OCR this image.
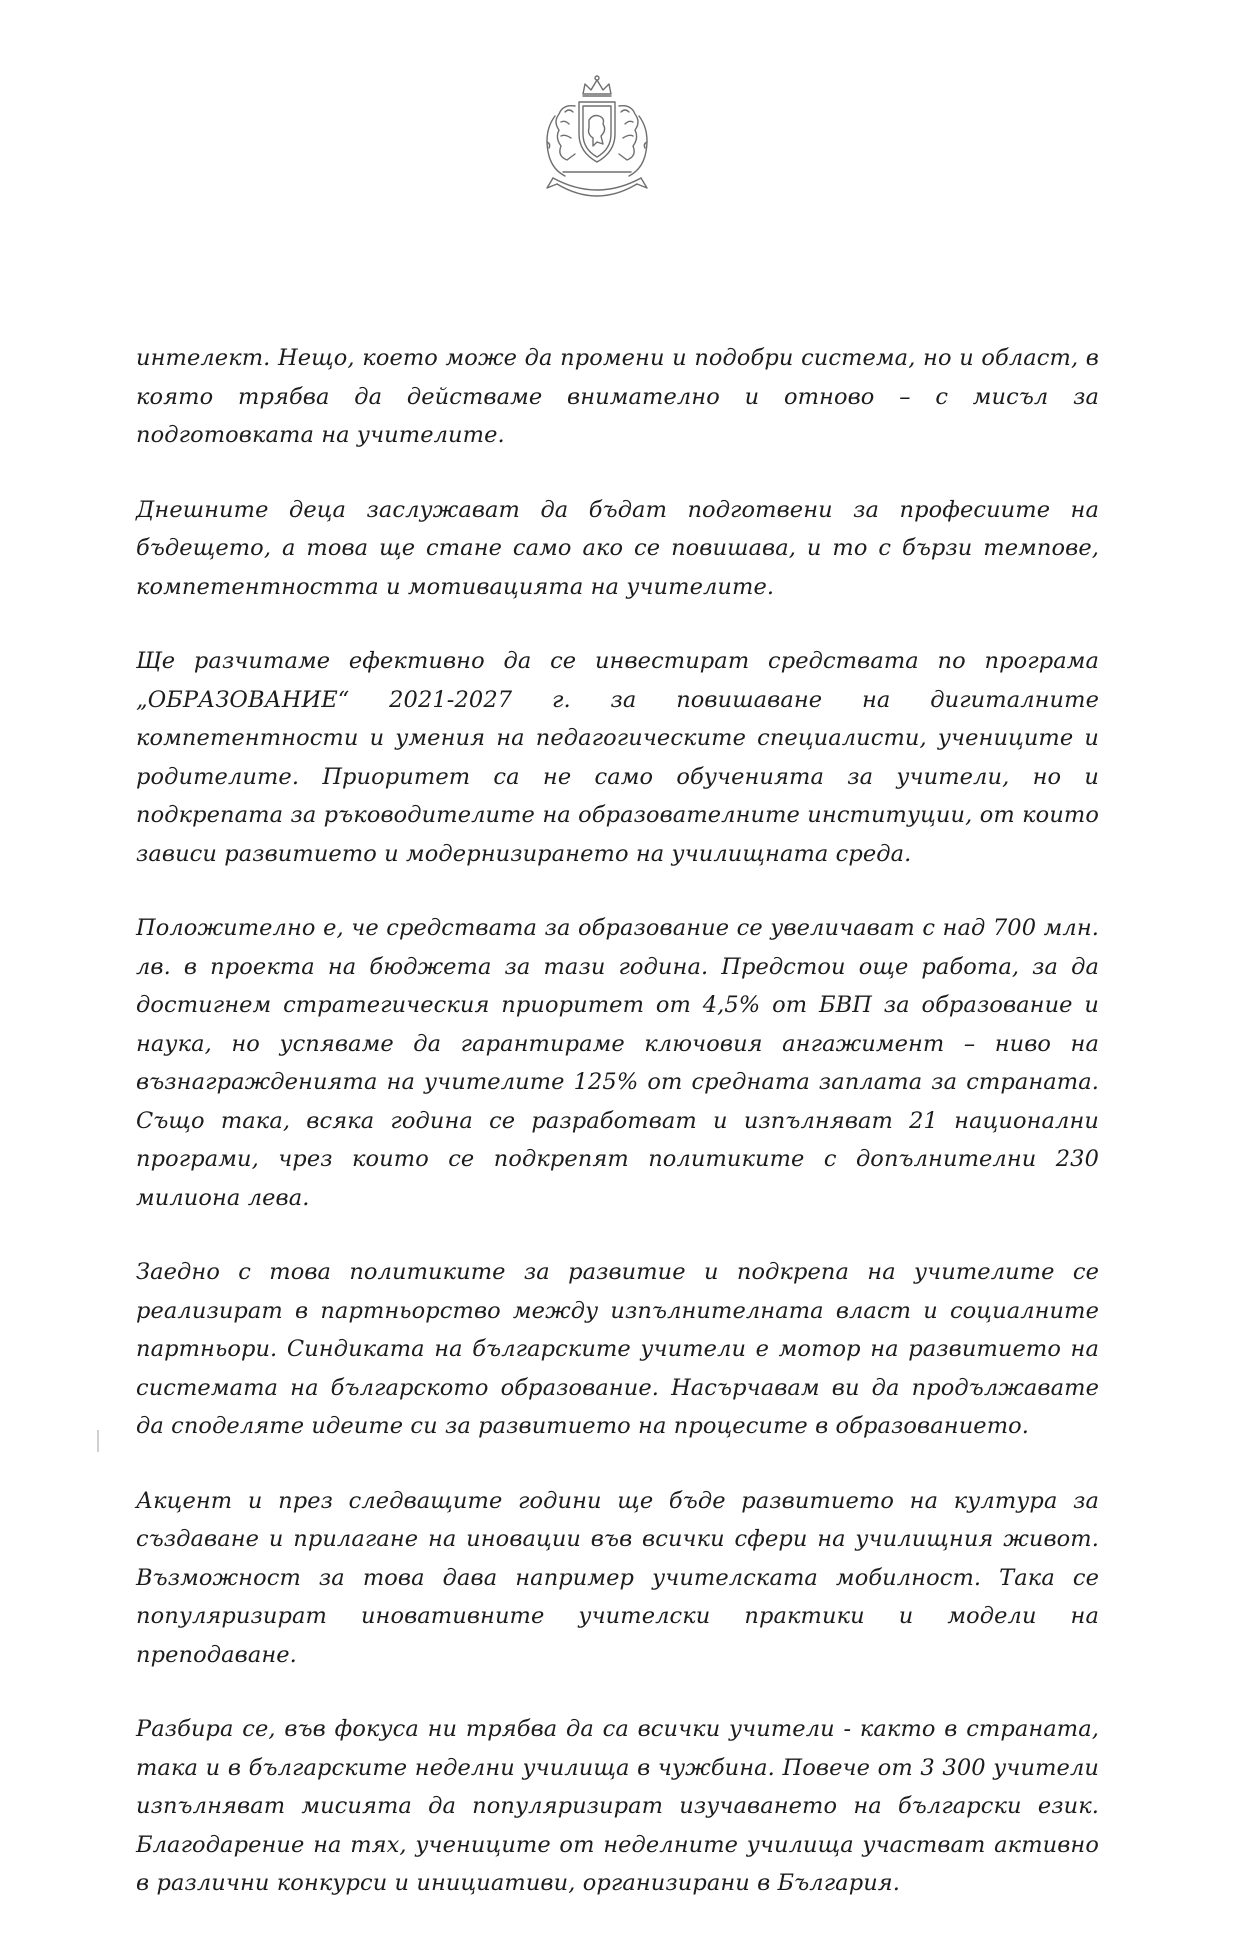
интелект. Нещо, което може да промени и подобри система, но и област, в която трябва да действаме внимателно и отново – с мисъл за подготовката на учителите.

Днешните деца заслужават да бъдат подготвени за професиите на бъдещето, а това ще стане само ако се повишава, и то с бързи темпове, компетентността и мотивацията на учителите.

Ще разчитаме ефективно да се инвестират средствата по програма „ОБРАЗОВАНИЕ“ 2021-2027 г. за повишаване на дигиталните компетентности и умения на педагогическите специалисти, учениците и родителите. Приоритет са не само обученията за учители, но и подкрепата за ръководителите на образователните институции, от които зависи развитието и модернизирането на училищната среда.

Положително е, че средствата за образование се увеличават с над 700 млн. лв. в проекта на бюджета за тази година. Предстои още работа, за да достигнем стратегическия приоритет от 4,5% от БВП за образование и наука, но успяваме да гарантираме ключовия ангажимент – ниво на възнагражденията на учителите 125% от средната заплата за страната. Също така, всяка година се разработват и изпълняват 21 национални програми, чрез които се подкрепят политиките с допълнителни 230 милиона лева.

Заедно с това политиките за развитие и подкрепа на учителите се реализират в партньорство между изпълнителната власт и социалните партньори. Синдиката на българските учители е мотор на развитието на системата на българското образование. Насърчавам ви да продължавате да споделяте идеите си за развитието на процесите в образованието.

Акцент и през следващите години ще бъде развитието на култура за създаване и прилагане на иновации във всички сфери на училищния живот. Възможност за това дава например учителската мобилност. Така се популяризират иновативните учителски практики и модели на преподаване.

Разбира се, във фокуса ни трябва да са всички учители - както в страната, така и в българските неделни училища в чужбина. Повече от 3 300 учители изпълняват мисията да популяризират изучаването на български език. Благодарение на тях, учениците от неделните училища участват активно в различни конкурси и инициативи, организирани в България.
